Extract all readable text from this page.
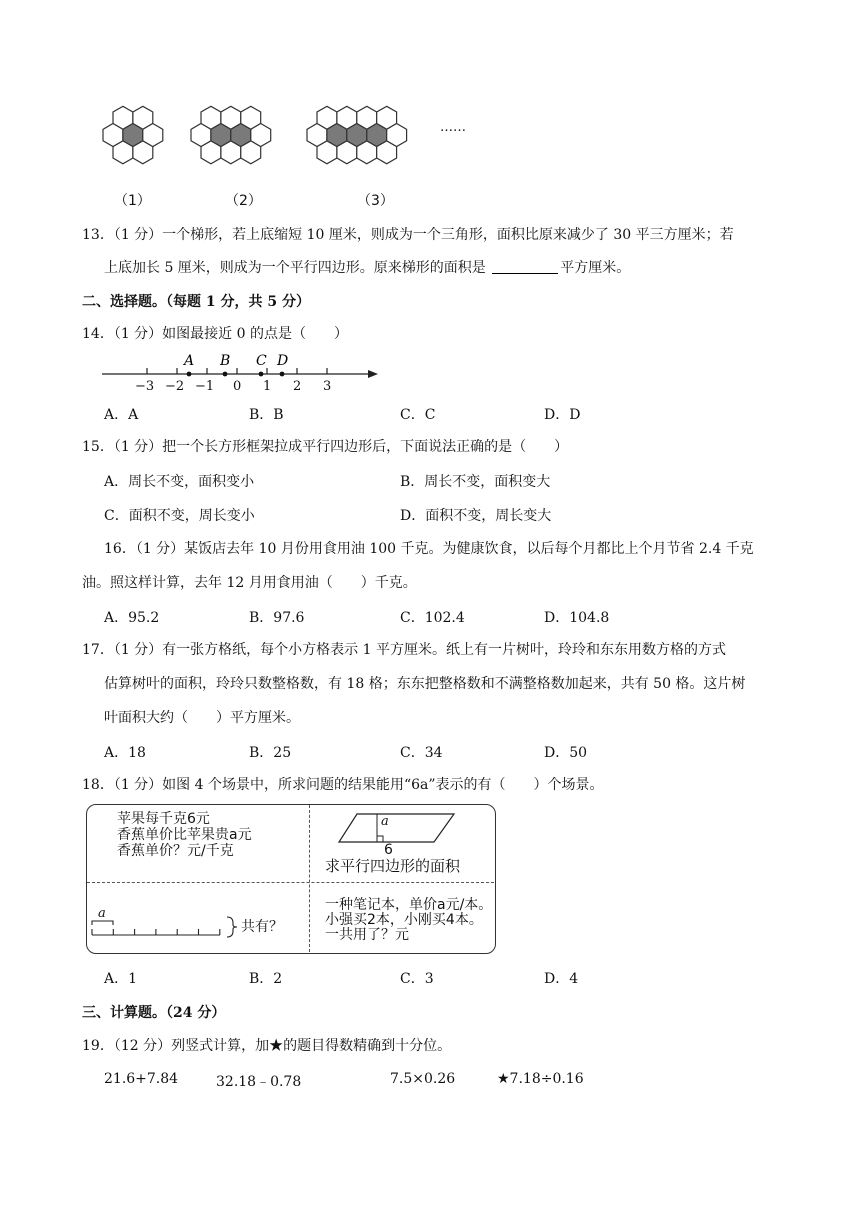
（1）	（2）	（3）
……
13．（1 分）一个梯形，若上底缩短 10 厘米，则成为一个三角形，面积比原来减少了 30 平三方厘米；若
上底加长 5 厘米，则成为一个平行四边形。原来梯形的面积是	平方厘米。
二、选择题。（每题 1 分，共 5 分）
14．（1 分）如图最接近 0 的点是（　　）
−3 −2 −1 0 1 2 3
A B C D
A．A	B．B	C．C	D．D
15．（1 分）把一个长方形框架拉成平行四边形后，下面说法正确的是（　　）
A．周长不变，面积变小	B．周长不变，面积变大
C．面积不变，周长变小	D．面积不变，周长变大
16．（1 分）某饭店去年 10 月份用食用油 100 千克。为健康饮食，以后每个月都比上个月节省 2.4 千克
油。照这样计算，去年 12 月用食用油（　　）千克。
A．95.2	B．97.6	C．102.4	D．104.8
17．（1 分）有一张方格纸，每个小方格表示 1 平方厘米。纸上有一片树叶，玲玲和东东用数方格的方式
估算树叶的面积，玲玲只数整格数，有 18 格；东东把整格数和不满整格数加起来，共有 50 格。这片树
叶面积大约（　　）平方厘米。
A．18	B．25	C．34	D．50
18．（1 分）如图 4 个场景中，所求问题的结果能用“6a”表示的有（　　）个场景。
苹果每千克6元
香蕉单价比苹果贵a元
香蕉单价？元/千克
a
6
求平行四边形的面积
a
共有？
一种笔记本，单价a元/本。
小强买2本，小刚买4本。
一共用了？元
A．1	B．2	C．3	D．4
三、计算题。（24 分）
19．（12 分）列竖式计算，加★的题目得数精确到十分位。
21.6+7.84	32.18﹣0.78	7.5×0.26	★7.18÷0.16
